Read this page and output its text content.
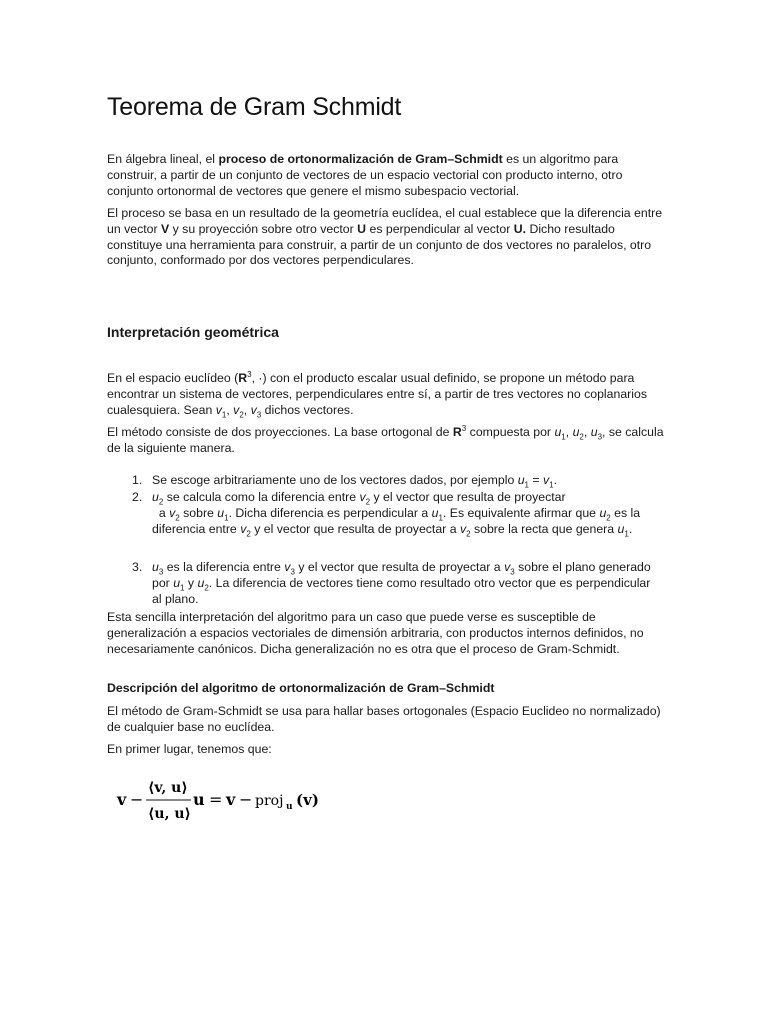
Teorema de Gram Schmidt

En álgebra lineal, el proceso de ortonormalización de Gram–Schmidt es un algoritmo para construir, a partir de un conjunto de vectores de un espacio vectorial con producto interno, otro conjunto ortonormal de vectores que genere el mismo subespacio vectorial.

El proceso se basa en un resultado de la geometría euclídea, el cual establece que la diferencia entre un vector V y su proyección sobre otro vector U es perpendicular al vector U. Dicho resultado constituye una herramienta para construir, a partir de un conjunto de dos vectores no paralelos, otro conjunto, conformado por dos vectores perpendiculares.

Interpretación geométrica

En el espacio euclídeo ($R^3$, ·) con el producto escalar usual definido, se propone un método para encontrar un sistema de vectores, perpendiculares entre sí, a partir de tres vectores no coplanarios cualesquiera. Sean $v_1$, $v_2$, $v_3$ dichos vectores.

El método consiste de dos proyecciones. La base ortogonal de $R^3$ compuesta por $u_1$, $u_2$, $u_3$, se calcula de la siguiente manera.

1. Se escoge arbitrariamente uno de los vectores dados, por ejemplo $u_1 = v_1$.
2. $u_2$ se calcula como la diferencia entre $v_2$ y el vector que resulta de proyectar
a $v_2$ sobre $u_1$. Dicha diferencia es perpendicular a $u_1$. Es equivalente afirmar que $u_2$ es la diferencia entre $v_2$ y el vector que resulta de proyectar a $v_2$ sobre la recta que genera $u_1$.
3. $u_3$ es la diferencia entre $v_3$ y el vector que resulta de proyectar a $v_3$ sobre el plano generado por $u_1$ y $u_2$. La diferencia de vectores tiene como resultado otro vector que es perpendicular al plano.

Esta sencilla interpretación del algoritmo para un caso que puede verse es susceptible de generalización a espacios vectoriales de dimensión arbitraria, con productos internos definidos, no necesariamente canónicos. Dicha generalización no es otra que el proceso de Gram-Schmidt.

Descripción del algoritmo de ortonormalización de Gram–Schmidt

El método de Gram-Schmidt se usa para hallar bases ortogonales (Espacio Euclideo no normalizado) de cualquier base no euclídea.

En primer lugar, tenemos que:

v −
⟨v, u⟩
⟨u, u⟩
u = v − proj u (v)
